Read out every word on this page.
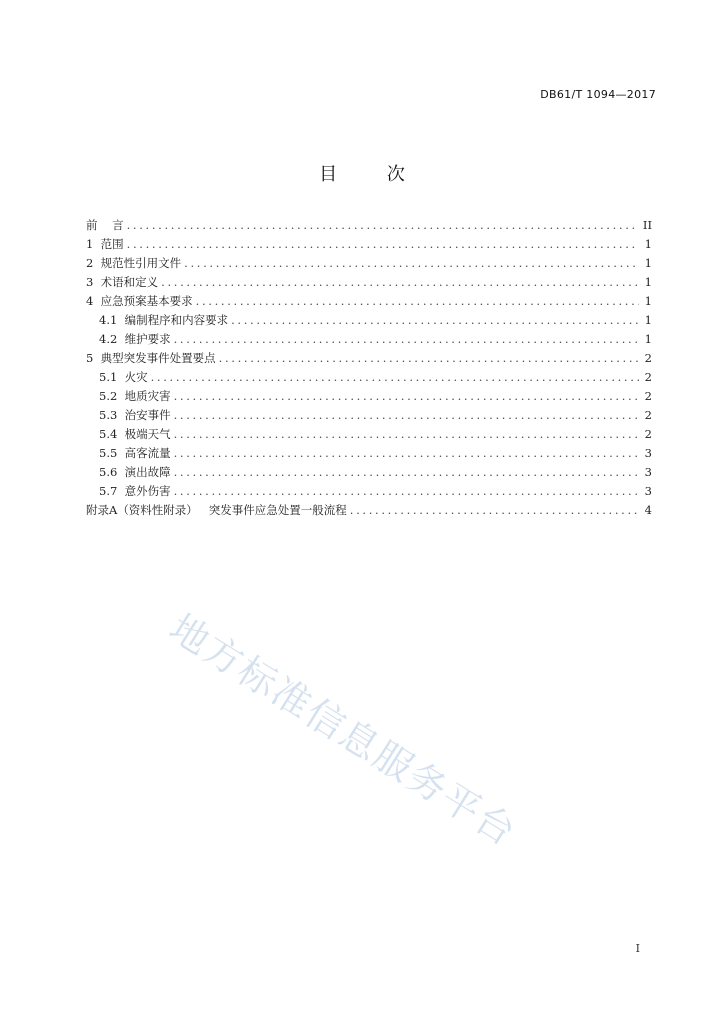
DB61/T 1094—2017
目 次
前 言 . . .	II
1 范围 . . .	1
2 规范性引用文件 . . .	1
3 术语和定义 . . .	1
4 应急预案基本要求 . . .	1
4.1 编制程序和内容要求 . . .	1
4.2 维护要求 . . .	1
5 典型突发事件处置要点 . . .	2
5.1 火灾 . . .	2
5.2 地质灾害 . . .	2
5.3 治安事件 . . .	2
5.4 极端天气 . . .	2
5.5 高客流量 . . .	3
5.6 演出故障 . . .	3
5.7 意外伤害 . . .	3
附录A （资料性附录）   突发事件应急处置一般流程 . . .	4
地方标准信息服务平台
I
